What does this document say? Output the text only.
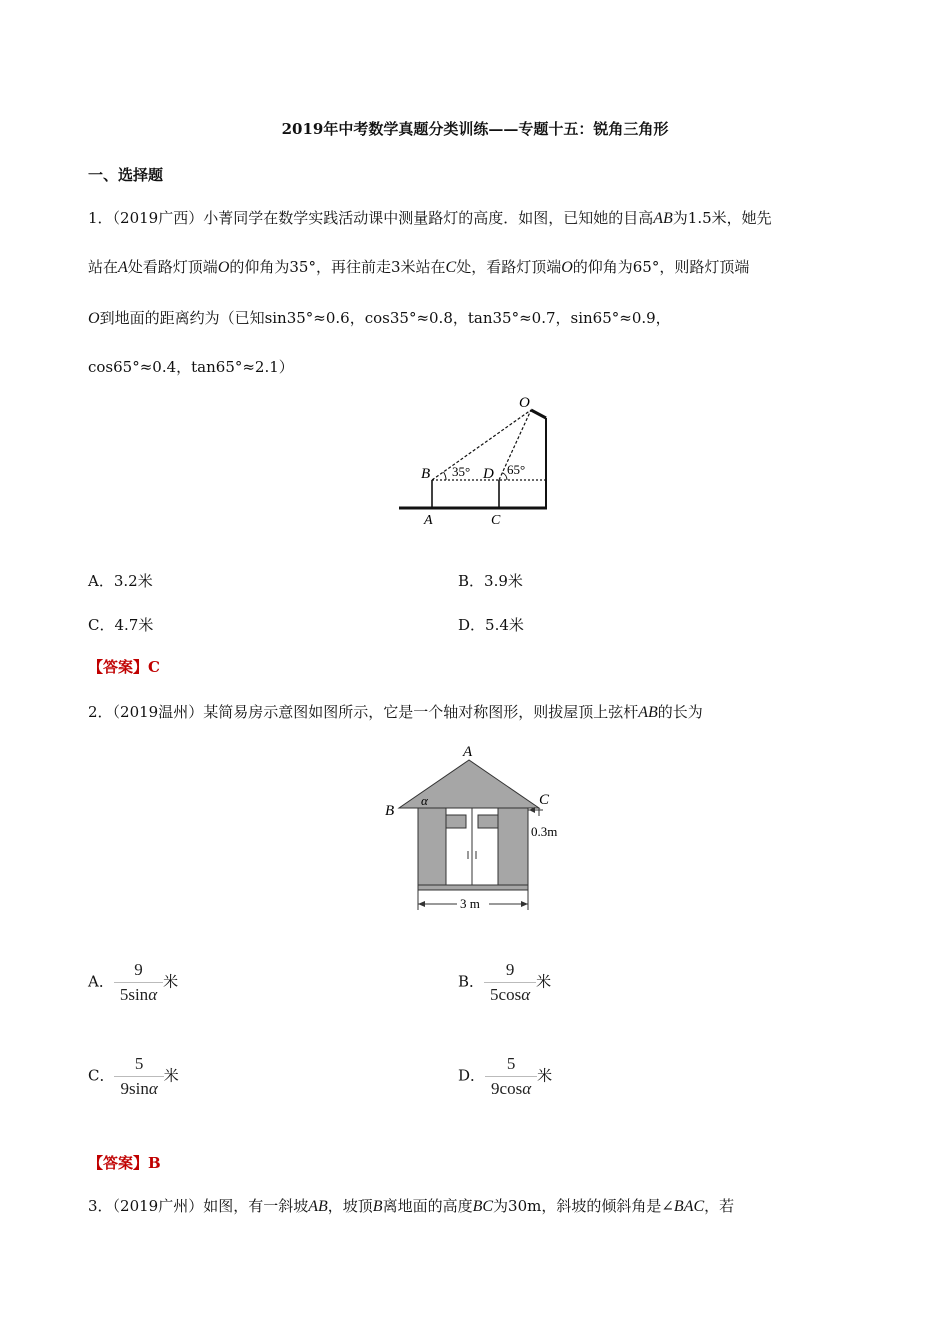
2019年中考数学真题分类训练——专题十五：锐角三角形
一、选择题
1．（2019广西）小菁同学在数学实践活动课中测量路灯的高度．如图，已知她的目高AB为1.5米，她先
站在A处看路灯顶端O的仰角为35°，再往前走3米站在C处，看路灯顶端O的仰角为65°，则路灯顶端
O到地面的距离约为（已知sin35°≈0.6，cos35°≈0.8，tan35°≈0.7，sin65°≈0.9，
cos65°≈0.4，tan65°≈2.1）
O
B	D
A	C
35°	65°
A．3.2米	B．3.9米
C．4.7米	D．5.4米
【答案】C
2．（2019温州）某简易房示意图如图所示，它是一个轴对称图形，则拔屋顶上弦杆AB的长为
3 m
0.3m
A
B
C
α
A． $\frac{9}{5\sin\alpha}$ 米	B． $\frac{9}{5\cos\alpha}$ 米
C． $\frac{5}{9\sin\alpha}$ 米	D． $\frac{5}{9\cos\alpha}$ 米
【答案】B
3．（2019广州）如图，有一斜坡AB，坡顶B离地面的高度BC为30m，斜坡的倾斜角是∠BAC，若
